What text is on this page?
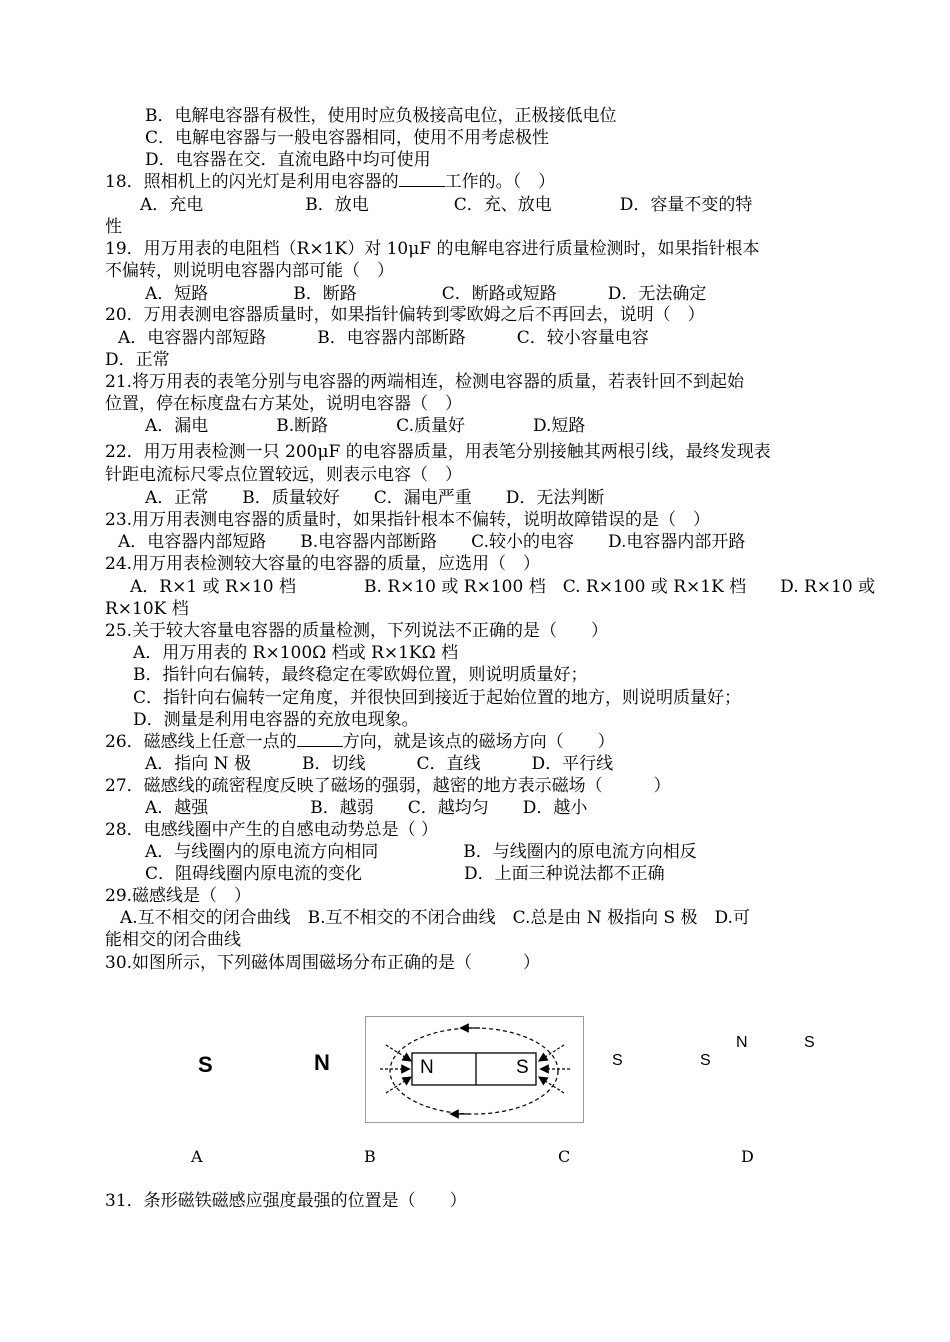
B．电解电容器有极性，使用时应负极接高电位，正极接低电位
C．电解电容器与一般电容器相同，使用不用考虑极性
D．电容器在交．直流电路中均可使用
18．照相机上的闪光灯是利用电容器的	工作的。（　）
A．充电　　　　　　B．放电　　　　　C．充、放电　　　　D．容量不变的特
性
19．用万用表的电阻档（R×1K）对 10μF 的电解电容进行质量检测时，如果指针根本
不偏转，则说明电容器内部可能（　）
A．短路　　　　　B．断路　　　　　C．断路或短路　　　D．无法确定
20．万用表测电容器质量时，如果指针偏转到零欧姆之后不再回去，说明（　）
A．电容器内部短路　　　B．电容器内部断路　　　C．较小容量电容
D．正常
21.将万用表的表笔分别与电容器的两端相连，检测电容器的质量，若表针回不到起始
位置，停在标度盘右方某处，说明电容器（　）
A．漏电　　　　B.断路　　　　C.质量好　　　　D.短路
22．用万用表检测一只 200μF 的电容器质量，用表笔分别接触其两根引线，最终发现表
针距电流标尺零点位置较远，则表示电容（　）
A．正常　　B．质量较好　　C．漏电严重　　D．无法判断
23.用万用表测电容器的质量时，如果指针根本不偏转，说明故障错误的是（　）
A．电容器内部短路　　B.电容器内部断路　　C.较小的电容　　D.电容器内部开路
24.用万用表检测较大容量的电容器的质量，应选用（　）
A．R×1 或 R×10 档　　　　B. R×10 或 R×100 档　C. R×100 或 R×1K 档　　D. R×10 或
R×10K 档
25.关于较大容量电容器的质量检测，下列说法不正确的是（　　）
A．用万用表的 R×100Ω 档或 R×1KΩ 档
B．指针向右偏转，最终稳定在零欧姆位置，则说明质量好；
C．指针向右偏转一定角度，并很快回到接近于起始位置的地方，则说明质量好；
D．测量是利用电容器的充放电现象。
26．磁感线上任意一点的	方向，就是该点的磁场方向（　　）
A．指向 N 极　　　B．切线　　　C．直线　　　D．平行线
27．磁感线的疏密程度反映了磁场的强弱，越密的地方表示磁场（　　　）
A．越强　　　　　　B．越弱　　C．越均匀　　D．越小
28．电感线圈中产生的自感电动势总是（ ）
A．与线圈内的原电流方向相同　　　　　B．与线圈内的原电流方向相反
C．阻碍线圈内原电流的变化　　　　　　D．上面三种说法都不正确
29.磁感线是（　）
A.互不相交的闭合曲线　B.互不相交的不闭合曲线　C.总是由 N 极指向 S 极　D.可
能相交的闭合曲线
30.如图所示，下列磁体周围磁场分布正确的是（　　　）
S	N	N	S	S	S
N	S
A	B	C	D
31．条形磁铁磁感应强度最强的位置是（　　）
